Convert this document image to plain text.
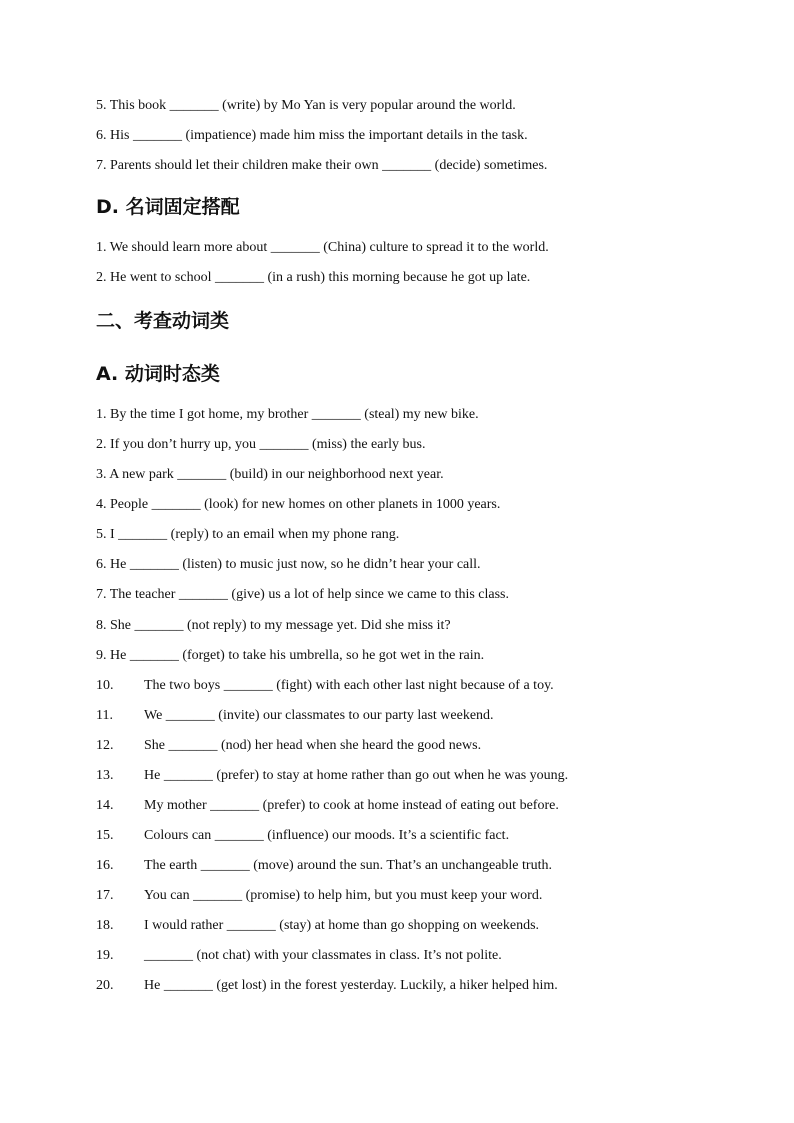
5. This book _______ (write) by Mo Yan is very popular around the world.
6. His _______ (impatience) made him miss the important details in the task.
7. Parents should let their children make their own _______ (decide) sometimes.
D. 名词固定搭配
1. We should learn more about _______ (China) culture to spread it to the world.
2. He went to school _______ (in a rush) this morning because he got up late.
二、考查动词类
A. 动词时态类
1. By the time I got home, my brother _______ (steal) my new bike.
2. If you don’t hurry up, you _______ (miss) the early bus.
3. A new park _______ (build) in our neighborhood next year.
4. People _______ (look) for new homes on other planets in 1000 years.
5. I _______ (reply) to an email when my phone rang.
6. He _______ (listen) to music just now, so he didn’t hear your call.
7. The teacher _______ (give) us a lot of help since we came to this class.
8. She _______ (not reply) to my message yet. Did she miss it?
9. He _______ (forget) to take his umbrella, so he got wet in the rain.
10. The two boys _______ (fight) with each other last night because of a toy.
11. We _______ (invite) our classmates to our party last weekend.
12. She _______ (nod) her head when she heard the good news.
13. He _______ (prefer) to stay at home rather than go out when he was young.
14. My mother _______ (prefer) to cook at home instead of eating out before.
15. Colours can _______ (influence) our moods. It’s a scientific fact.
16. The earth _______ (move) around the sun. That’s an unchangeable truth.
17. You can _______ (promise) to help him, but you must keep your word.
18. I would rather _______ (stay) at home than go shopping on weekends.
19. _______ (not chat) with your classmates in class. It’s not polite.
20. He _______ (get lost) in the forest yesterday. Luckily, a hiker helped him.
